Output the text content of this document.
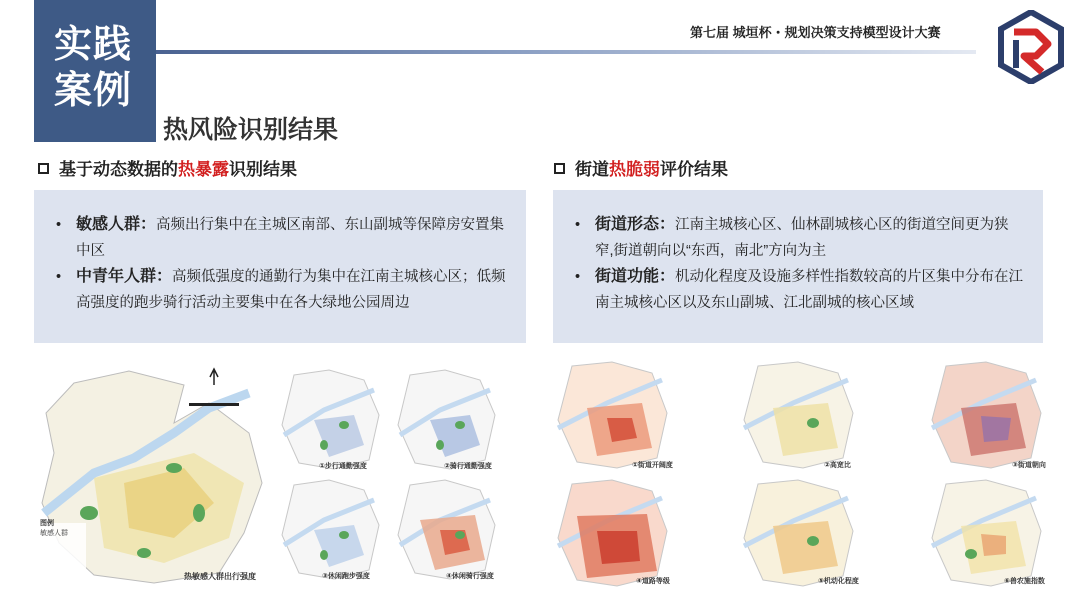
实践
案例
第七届 城垣杯・规划决策支持模型设计大赛
热风险识别结果
基于动态数据的热暴露识别结果
• 敏感人群：高频出行集中在主城区南部、东山副城等保障房安置集中区
• 中青年人群：高频低强度的通勤行为集中在江南主城核心区；低频高强度的跑步骑行活动主要集中在各大绿地公园周边
街道热脆弱评价结果
• 街道形态：江南主城核心区、仙林副城核心区的街道空间更为狭窄,街道朝向以“东西，南北”方向为主
• 街道功能：机动化程度及设施多样性指数较高的片区集中分布在江南主城核心区以及东山副城、江北副城的核心区域
图例
敏感人群
热敏感人群出行强度
①步行通勤强度	②骑行通勤强度
③休闲跑步强度	④休闲骑行强度
①街道开阔度	②高宽比	③街道朝向
④道路等级	⑤机动化程度	⑥兽农施指数
